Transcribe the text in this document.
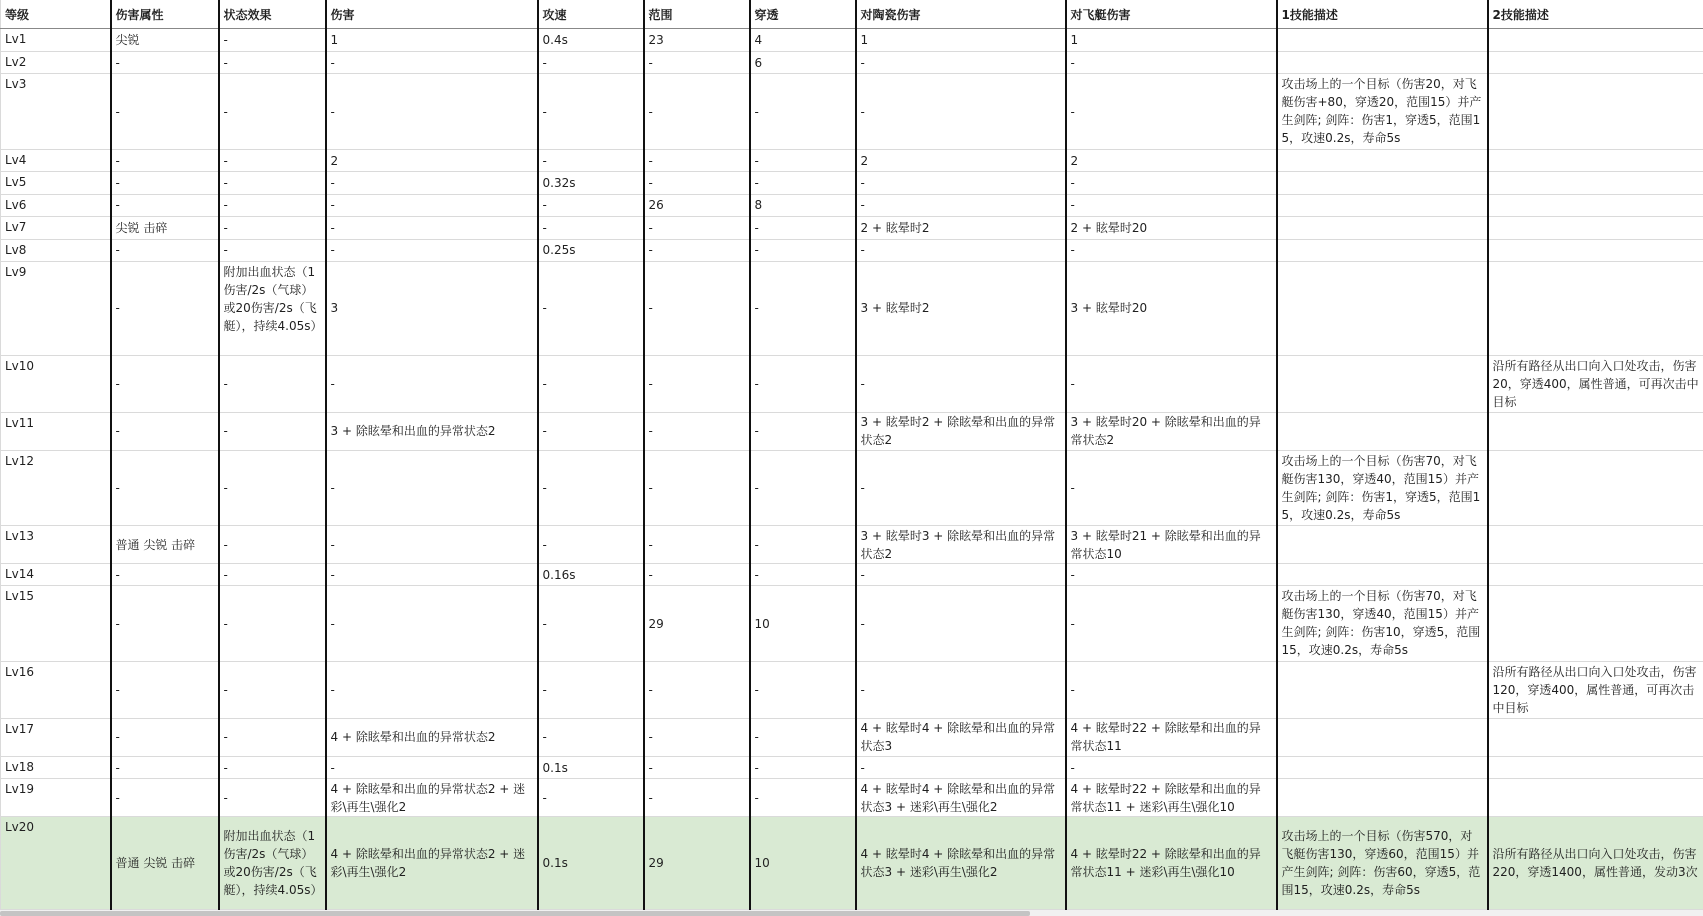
等级	伤害属性	状态效果	伤害	攻速	范围	穿透	对陶瓷伤害	对飞艇伤害	1技能描述	2技能描述
Lv1	尖锐	-	1	0.4s	23	4	1	1		
Lv2	-	-	-	-	-	6	-	-		
Lv3	-	-	-	-	-	-	-	-	攻击场上的一个目标（伤害20，对飞艇伤害+80，穿透20，范围15）并产生剑阵; 剑阵：伤害1，穿透5，范围15，攻速0.2s，寿命5s	
Lv4	-	-	2	-	-	-	2	2		
Lv5	-	-	-	0.32s	-	-	-	-		
Lv6	-	-	-	-	26	8	-	-		
Lv7	尖锐 击碎	-	-	-	-	-	2 + 眩晕时2	2 + 眩晕时20		
Lv8	-	-	-	0.25s	-	-	-	-		
Lv9	-	附加出血状态（1伤害/2s（气球）或20伤害/2s（飞艇），持续4.05s）	3	-	-	-	3 + 眩晕时2	3 + 眩晕时20		
Lv10	-	-	-	-	-	-	-	-		沿所有路径从出口向入口处攻击，伤害20，穿透400，属性普通，可再次击中目标
Lv11	-	-	3 + 除眩晕和出血的异常状态2	-	-	-	3 + 眩晕时2 + 除眩晕和出血的异常状态2	3 + 眩晕时20 + 除眩晕和出血的异常状态2		
Lv12	-	-	-	-	-	-	-	-	攻击场上的一个目标（伤害70，对飞艇伤害130，穿透40，范围15）并产生剑阵; 剑阵：伤害1，穿透5，范围15，攻速0.2s，寿命5s	
Lv13	普通 尖锐 击碎	-	-	-	-	-	3 + 眩晕时3 + 除眩晕和出血的异常状态2	3 + 眩晕时21 + 除眩晕和出血的异常状态10		
Lv14	-	-	-	0.16s	-	-	-	-		
Lv15	-	-	-	-	29	10	-	-	攻击场上的一个目标（伤害70，对飞艇伤害130，穿透40，范围15）并产生剑阵; 剑阵：伤害10，穿透5，范围15，攻速0.2s，寿命5s	
Lv16	-	-	-	-	-	-	-	-		沿所有路径从出口向入口处攻击，伤害120，穿透400，属性普通，可再次击中目标
Lv17	-	-	4 + 除眩晕和出血的异常状态2	-	-	-	4 + 眩晕时4 + 除眩晕和出血的异常状态3	4 + 眩晕时22 + 除眩晕和出血的异常状态11		
Lv18	-	-	-	0.1s	-	-	-	-		
Lv19	-	-	4 + 除眩晕和出血的异常状态2 + 迷彩\再生\强化2	-	-	-	4 + 眩晕时4 + 除眩晕和出血的异常状态3 + 迷彩\再生\强化2	4 + 眩晕时22 + 除眩晕和出血的异常状态11 + 迷彩\再生\强化10		
Lv20	普通 尖锐 击碎	附加出血状态（1伤害/2s（气球）或20伤害/2s（飞艇），持续4.05s）	4 + 除眩晕和出血的异常状态2 + 迷彩\再生\强化2	0.1s	29	10	4 + 眩晕时4 + 除眩晕和出血的异常状态3 + 迷彩\再生\强化2	4 + 眩晕时22 + 除眩晕和出血的异常状态11 + 迷彩\再生\强化10	攻击场上的一个目标（伤害570，对飞艇伤害130，穿透60，范围15）并产生剑阵; 剑阵：伤害60，穿透5，范围15，攻速0.2s，寿命5s	沿所有路径从出口向入口处攻击，伤害220，穿透1400，属性普通，发动3次
